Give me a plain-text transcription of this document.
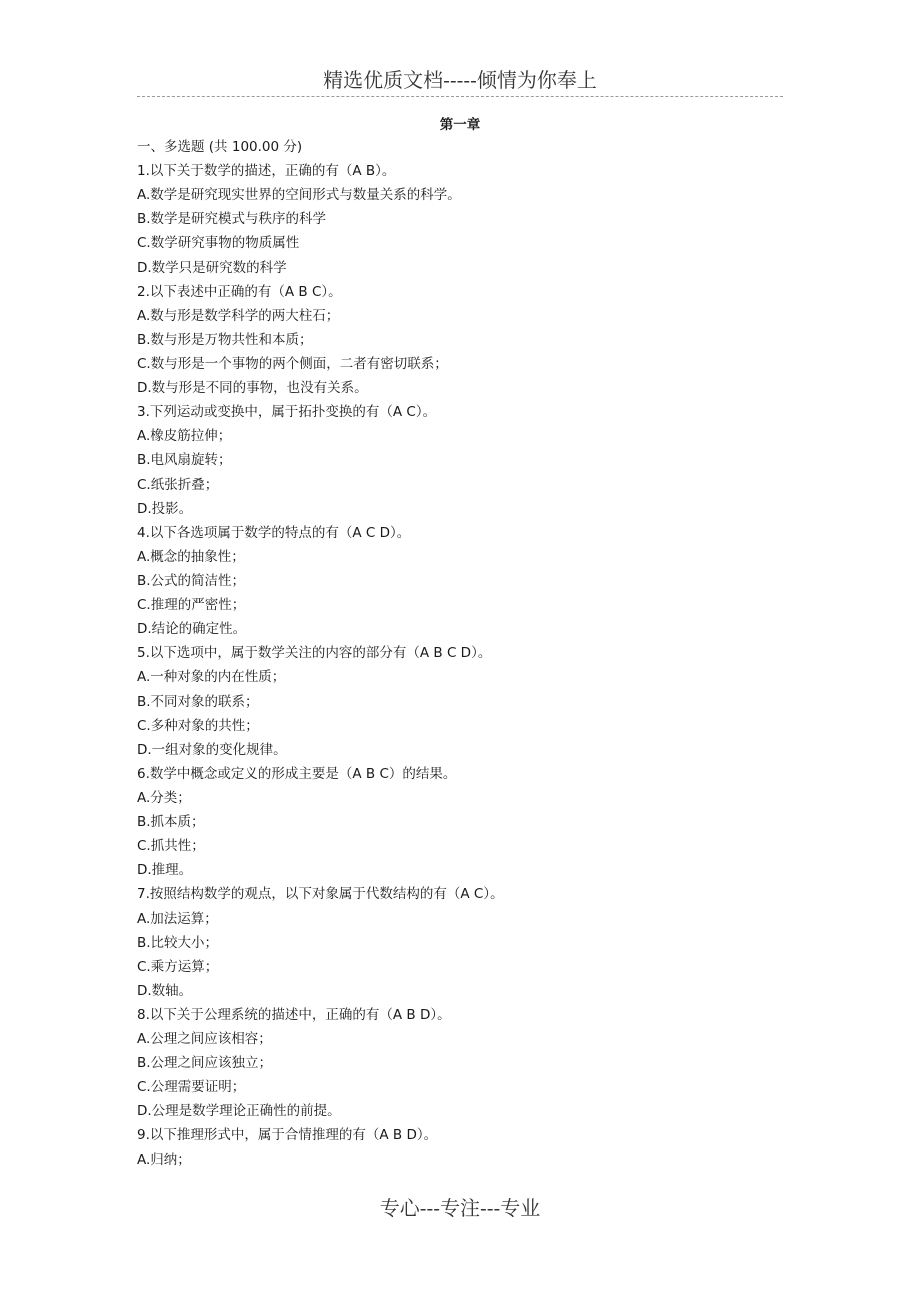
精选优质文档-----倾情为你奉上
第一章
一、多选题 (共 100.00 分)
1.以下关于数学的描述，正确的有（A B）。
A.数学是研究现实世界的空间形式与数量关系的科学。
B.数学是研究模式与秩序的科学
C.数学研究事物的物质属性
D.数学只是研究数的科学
2.以下表述中正确的有（A B C）。
A.数与形是数学科学的两大柱石；
B.数与形是万物共性和本质；
C.数与形是一个事物的两个侧面，二者有密切联系；
D.数与形是不同的事物，也没有关系。
3.下列运动或变换中，属于拓扑变换的有（A C）。
A.橡皮筋拉伸；
B.电风扇旋转；
C.纸张折叠；
D.投影。
4.以下各选项属于数学的特点的有（A C D）。
A.概念的抽象性；
B.公式的简洁性；
C.推理的严密性；
D.结论的确定性。
5.以下选项中，属于数学关注的内容的部分有（A B C D）。
A.一种对象的内在性质；
B.不同对象的联系；
C.多种对象的共性；
D.一组对象的变化规律。
6.数学中概念或定义的形成主要是（A B C）的结果。
A.分类；
B.抓本质；
C.抓共性；
D.推理。
7.按照结构数学的观点，以下对象属于代数结构的有（A C）。
A.加法运算；
B.比较大小；
C.乘方运算；
D.数轴。
8.以下关于公理系统的描述中，正确的有（A B D）。
A.公理之间应该相容；
B.公理之间应该独立；
C.公理需要证明；
D.公理是数学理论正确性的前提。
9.以下推理形式中，属于合情推理的有（A B D）。
A.归纳；
专心---专注---专业
